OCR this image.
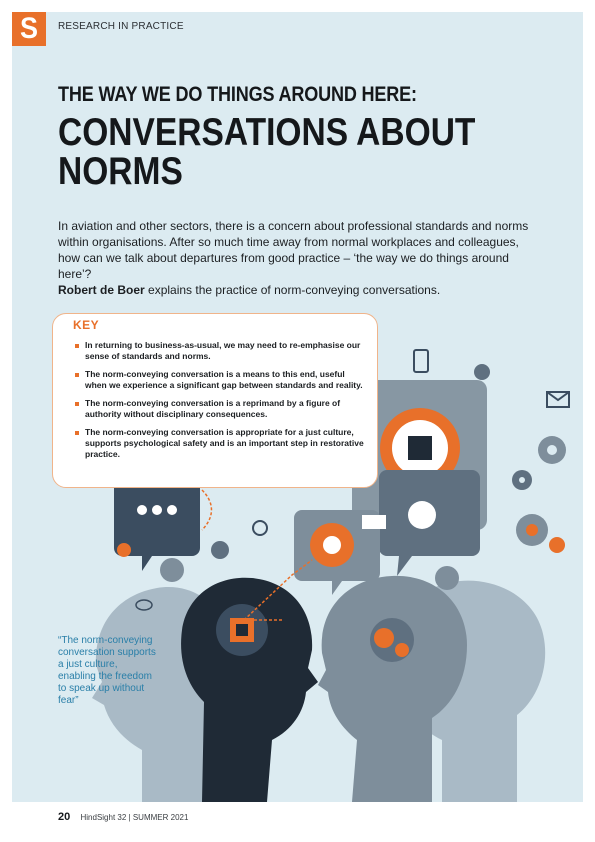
S	RESEARCH IN PRACTICE
THE WAY WE DO THINGS AROUND HERE:
CONVERSATIONS ABOUT
NORMS
In aviation and other sectors, there is a concern about professional standards and norms within organisations. After so much time away from normal workplaces and colleagues, how can we talk about departures from good practice – ‘the way we do things around here’?
Robert de Boer explains the practice of norm-conveying conversations.
KEY
In returning to business-as-usual, we may need to re-emphasise our sense of standards and norms.
The norm-conveying conversation is a means to this end, useful when we experience a significant gap between standards and reality.
The norm-conveying conversation is a reprimand by a figure of authority without disciplinary consequences.
The norm-conveying conversation is appropriate for a just culture, supports psychological safety and is an important step in restorative practice.
“The norm-conveying conversation supports a just culture, enabling the freedom to speak up without fear”
20 HindSight 32 | SUMMER 2021
